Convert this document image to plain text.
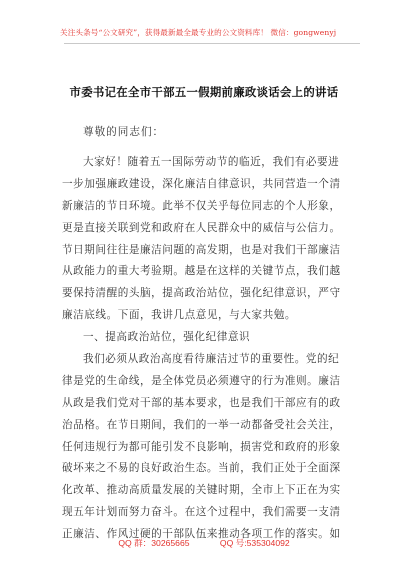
关注头条号“公文研究”，获得最新最全最专业的公文资料库！ 微信：gongwenyj
市委书记在全市干部五一假期前廉政谈话会上的讲话
尊敬的同志们：
大家好！随着五一国际劳动节的临近，我们有必要进
一步加强廉政建设，深化廉洁自律意识，共同营造一个清
新廉洁的节日环境。此举不仅关乎每位同志的个人形象，
更是直接关联到党和政府在人民群众中的威信与公信力。
节日期间往往是廉洁问题的高发期，也是对我们干部廉洁
从政能力的重大考验期。越是在这样的关键节点，我们越
要保持清醒的头脑，提高政治站位，强化纪律意识，严守
廉洁底线。下面，我讲几点意见，与大家共勉。
一、提高政治站位，强化纪律意识
我们必须从政治高度看待廉洁过节的重要性。党的纪
律是党的生命线，是全体党员必须遵守的行为准则。廉洁
从政是我们党对干部的基本要求，也是我们干部应有的政
治品格。在节日期间，我们的一举一动都备受社会关注，
任何违规行为都可能引发不良影响，损害党和政府的形象
破坏来之不易的良好政治生态。当前，我们正处于全面深
化改革、推动高质量发展的关键时期，全市上下正在为实
现五年计划而努力奋斗。在这个过程中，我们需要一支清
正廉洁、作风过硬的干部队伍来推动各项工作的落实。如
QQ 群：30265665	QQ 号:535304092
